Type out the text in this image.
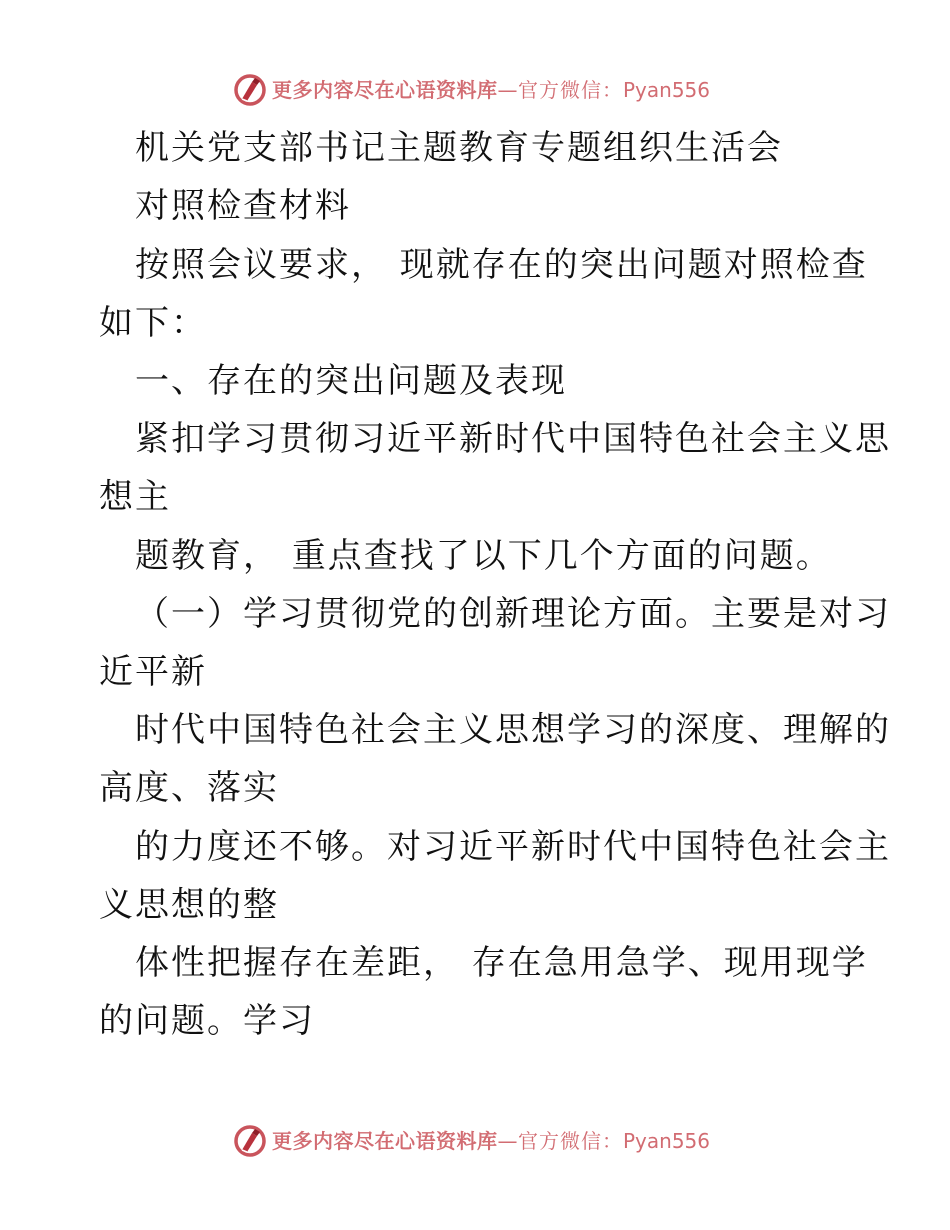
更多内容尽在心语资料库—官方微信：Pyan556
机关党支部书记主题教育专题组织生活会
对照检查材料
按照会议要求， 现就存在的突出问题对照检查
如下：
一、存在的突出问题及表现
紧扣学习贯彻习近平新时代中国特色社会主义思
想主
题教育， 重点查找了以下几个方面的问题。
（一）学习贯彻党的创新理论方面。主要是对习
近平新
时代中国特色社会主义思想学习的深度、理解的
高度、落实
的力度还不够。对习近平新时代中国特色社会主
义思想的整
体性把握存在差距， 存在急用急学、现用现学
的问题。学习
更多内容尽在心语资料库—官方微信：Pyan556
